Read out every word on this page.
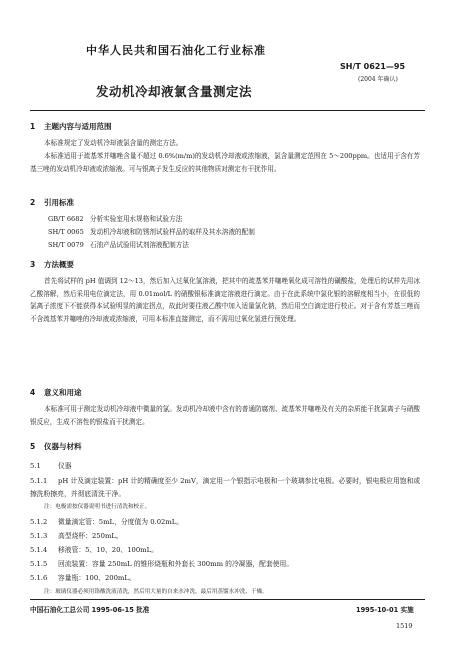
中华人民共和国石油化工行业标准
SH/T 0621—95
(2004 年确认)
发动机冷却液氯含量测定法
1 主题内容与适用范围
本标准规定了发动机冷却液氯含量的测定方法。
本标准适用于巯基苯并噻唑含量不超过 0.6%(m/m)的发动机冷却液或浓缩液，氯含量测定范围在 5～200ppm。也适用于含有芳基三唑的发动机冷却液或浓缩液。可与银离子发生反应的其他物质对测定有干扰作用。
2 引用标准
GB/T 6682 分析实验室用水规格和试验方法
SH/T 0065 发动机冷却液和防锈剂试验样品的取样及其水溶液的配制
SH/T 0079 石油产品试验用试剂溶液配制方法
3 方法概要
首先将试样的 pH 值调到 12～13，然后加入过氧化氢溶液，把其中的巯基苯并噻唑氧化成可溶性的磺酸盐，处理后的试样先用冰乙酸溶解，然后采用电位滴定法，用 0.01mol/L 的硝酸银标准滴定溶液进行滴定。由于在此系统中氯化银的溶解度相当小，在很低的氯离子浓度下不能获得本试验明显的滴定拐点，故此时要往液乙酸中加入适量氯化钠，然后用空白滴定进行校正。对于含有芳基三唑而不含巯基苯并噻唑的冷却液或浓缩液，可用本标准直接测定，而不需用过氧化氢进行预处理。
4 意义和用途
本标准可用于测定发动机冷却液中微量的氯。发动机冷却液中含有的普通防腐剂、巯基苯并噻唑及有关的杂质能干扰氯离子与硝酸银反应，生成不溶性的银盐而干扰测定。
5 仪器与材料
5.1	仪器
5.1.1 pH 计及滴定装置：pH 计的精确度至少 2mV，滴定用一个银指示电极和一个玻璃参比电极。必要时，银电极应用饱和或擦洗粉擦亮，并彻底清洗干净。
注：电极需按仪器说明书进行清洗和校正。
5.1.2 微量滴定管：5mL，分度值为 0.02mL。
5.1.3 高型烧杯：250mL。
5.1.4 移液管：5、10、20、100mL。
5.1.5 回流装置：容量 250mL 的锥形烧瓶和外套长 300mm 的冷凝器，配套使用。
5.1.6 容量瓶：100、200mL。
注：玻璃仪器必须用铬酸洗液清洗，然后用大量的自来水冲洗，最后用蒸馏水冲洗、干燥。
中国石油化工总公司 1995-06-15 批准	1995-10-01 实施
1519
